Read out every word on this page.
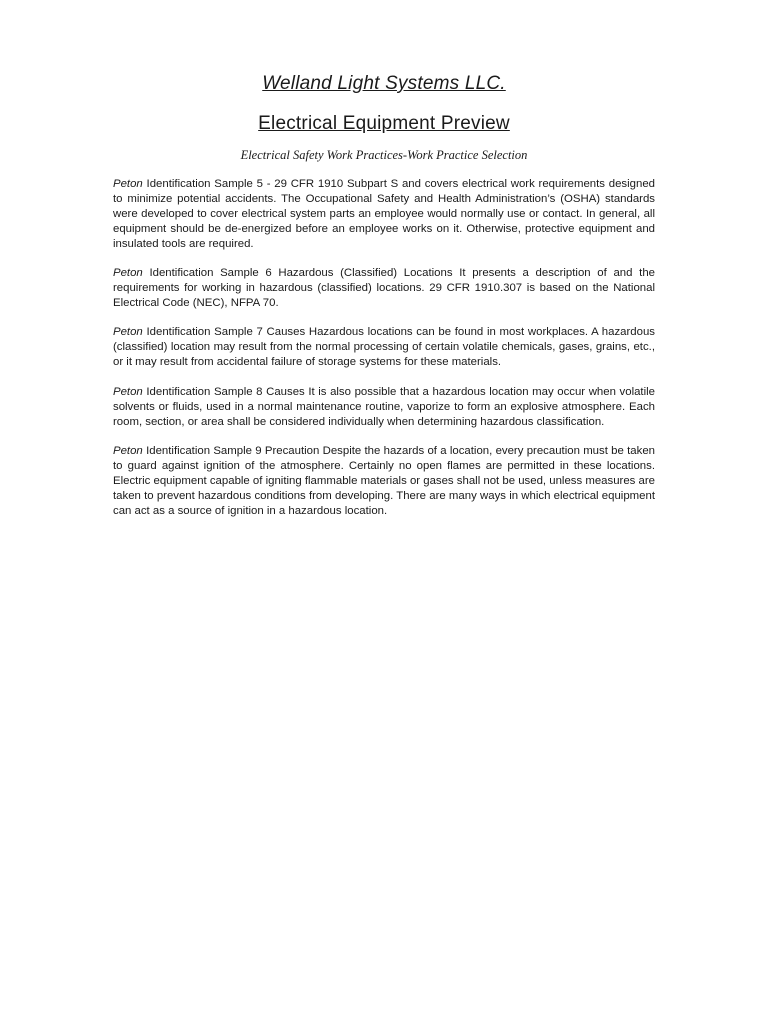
Welland Light Systems LLC.
Electrical Equipment Preview
Electrical Safety Work Practices-Work Practice Selection

Peton Identification Sample 5 - 29 CFR 1910 Subpart S and covers electrical work requirements designed to minimize potential accidents. The Occupational Safety and Health Administration’s (OSHA) standards were developed to cover electrical system parts an employee would normally use or contact. In general, all equipment should be de-energized before an employee works on it. Otherwise, protective equipment and insulated tools are required.

Peton Identification Sample 6 Hazardous (Classified) Locations It presents a description of and the requirements for working in hazardous (classified) locations. 29 CFR 1910.307 is based on the National Electrical Code (NEC), NFPA 70.

Peton Identification Sample 7 Causes Hazardous locations can be found in most workplaces. A hazardous (classified) location may result from the normal processing of certain volatile chemicals, gases, grains, etc., or it may result from accidental failure of storage systems for these materials.

Peton Identification Sample 8 Causes It is also possible that a hazardous location may occur when volatile solvents or fluids, used in a normal maintenance routine, vaporize to form an explosive atmosphere. Each room, section, or area shall be considered individually when determining hazardous classification.

Peton Identification Sample 9 Precaution Despite the hazards of a location, every precaution must be taken to guard against ignition of the atmosphere. Certainly no open flames are permitted in these locations. Electric equipment capable of igniting flammable materials or gases shall not be used, unless measures are taken to prevent hazardous conditions from developing. There are many ways in which electrical equipment can act as a source of ignition in a hazardous location.
